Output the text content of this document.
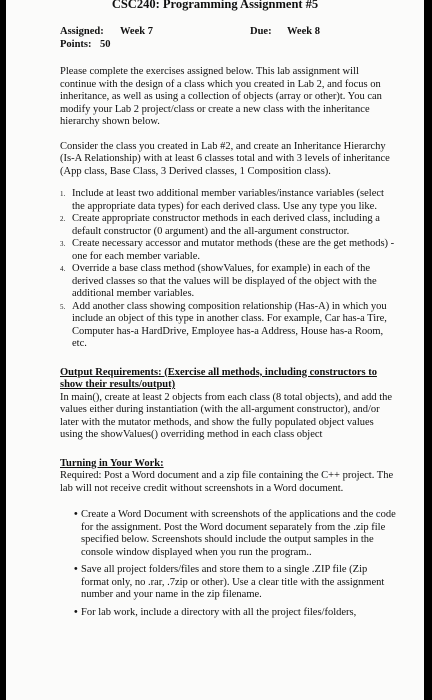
CSC240: Programming Assignment #5
Assigned: Week 7	Due: Week 8
Points: 50

Please complete the exercises assigned below. This lab assignment will continue with the design of a class which you created in Lab 2, and focus on inheritance, as well as using a collection of objects (array or other)t. You can modify your Lab 2 project/class or create a new class with the inheritance hierarchy shown below.

Consider the class you created in Lab #2, and create an Inheritance Hierarchy (Is-A Relationship) with at least 6 classes total and with 3 levels of inheritance (App class, Base Class, 3 Derived classes, 1 Composition class).

1. Include at least two additional member variables/instance variables (select the appropriate data types) for each derived class. Use any type you like.
2. Create appropriate constructor methods in each derived class, including a default constructor (0 argument) and the all-argument constructor.
3. Create necessary accessor and mutator methods (these are the get methods) - one for each member variable.
4. Override a base class method (showValues, for example) in each of the derived classes so that the values will be displayed of the object with the additional member variables.
5. Add another class showing composition relationship (Has-A) in which you include an object of this type in another class. For example, Car has-a Tire, Computer has-a HardDrive, Employee has-a Address, House has-a Room, etc.

Output Requirements: (Exercise all methods, including constructors to show their results/output)

In main(), create at least 2 objects from each class (8 total objects), and add the values either during instantiation (with the all-argument constructor), and/or later with the mutator methods, and show the fully populated object values using the showValues() overriding method in each class object

Turning in Your Work:

Required: Post a Word document and a zip file containing the C++ project. The lab will not receive credit without screenshots in a Word document.

• Create a Word Document with screenshots of the applications and the code for the assignment. Post the Word document separately from the .zip file specified below. Screenshots should include the output samples in the console window displayed when you run the program..
• Save all project folders/files and store them to a single .ZIP file (Zip format only, no .rar, .7zip or other). Use a clear title with the assignment number and your name in the zip filename.
• For lab work, include a directory with all the project files/folders,
